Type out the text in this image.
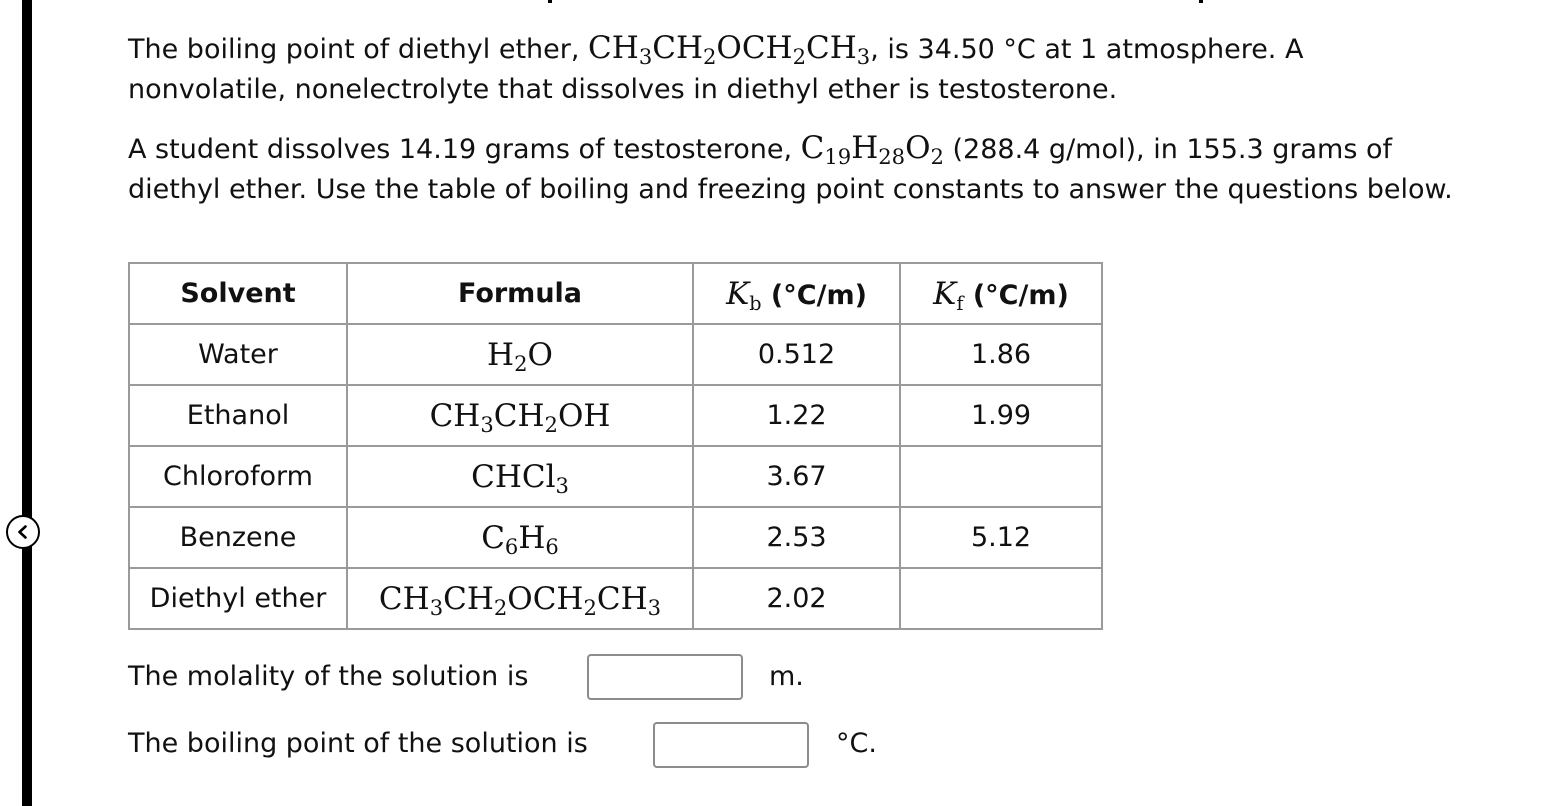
The boiling point of diethyl ether, $CH_3CH_2OCH_2CH_3$, is 34.50 °C at 1 atmosphere. A nonvolatile, nonelectrolyte that dissolves in diethyl ether is testosterone.

A student dissolves 14.19 grams of testosterone, $C_{19}H_{28}O_2$ (288.4 g/mol), in 155.3 grams of diethyl ether. Use the table of boiling and freezing point constants to answer the questions below.

Solvent	Formula	$K_b$ (°C/m)	$K_f$ (°C/m)
Water	$H_2O$	0.512	1.86
Ethanol	$CH_3CH_2OH$	1.22	1.99
Chloroform	CHCl$_3$	3.67	
Benzene	$C_6H_6$	2.53	5.12
Diethyl ether	$CH_3CH_2OCH_2CH_3$	2.02	
The molality of the solution is	m.
The boiling point of the solution is	°C.
